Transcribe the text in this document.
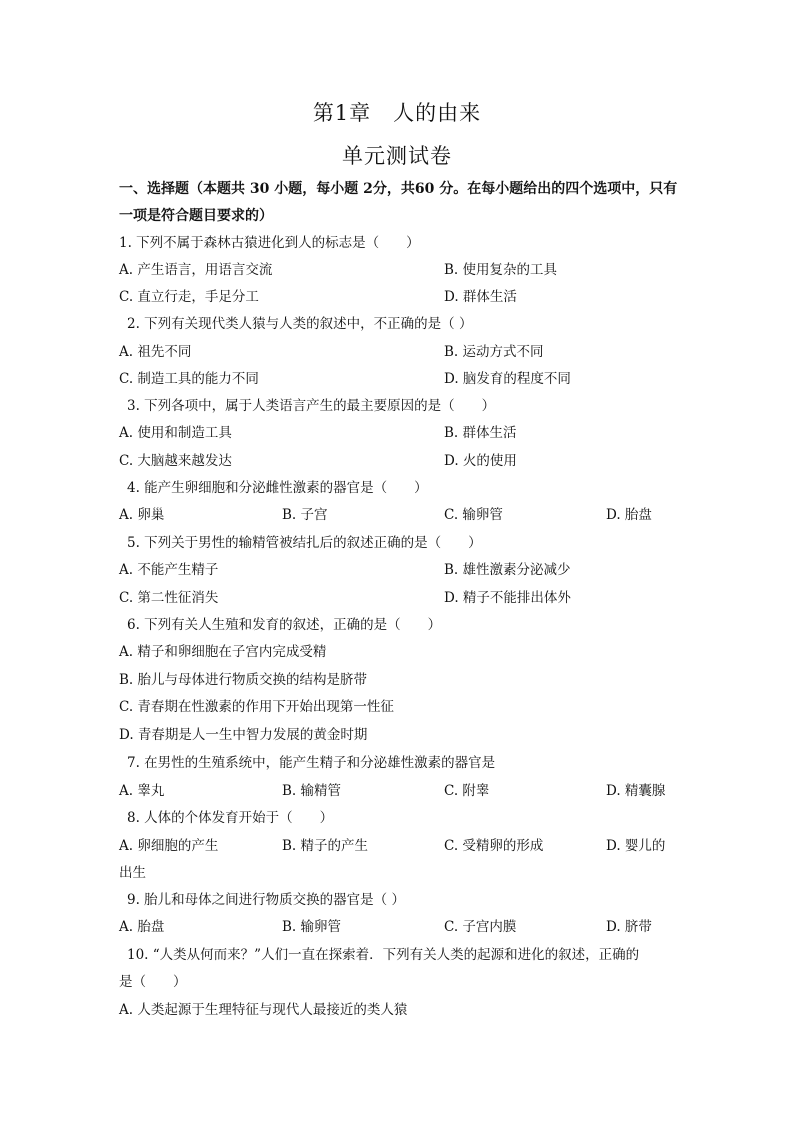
第1章　人的由来
单元测试卷
一、选择题（本题共 30 小题，每小题 2分，共60 分。在每小题给出的四个选项中，只有
一项是符合题目要求的）
1. 下列不属于森林古猿进化到人的标志是（　　）
A. 产生语言，用语言交流	B. 使用复杂的工具
C. 直立行走，手足分工	D. 群体生活
2. 下列有关现代类人猿与人类的叙述中，不正确的是（ ）
A. 祖先不同	B. 运动方式不同
C. 制造工具的能力不同	D. 脑发育的程度不同
3. 下列各项中，属于人类语言产生的最主要原因的是（　　）
A. 使用和制造工具	B. 群体生活
C. 大脑越来越发达	D. 火的使用
4. 能产生卵细胞和分泌雌性激素的器官是（　　）
A. 卵巢	B. 子宫	C. 输卵管	D. 胎盘
5. 下列关于男性的输精管被结扎后的叙述正确的是（　　）
A. 不能产生精子	B. 雄性激素分泌减少
C. 第二性征消失	D. 精子不能排出体外
6. 下列有关人生殖和发育的叙述，正确的是（　　）
A. 精子和卵细胞在子宫内完成受精
B. 胎儿与母体进行物质交换的结构是脐带
C. 青春期在性激素的作用下开始出现第一性征
D. 青春期是人一生中智力发展的黄金时期
7. 在男性的生殖系统中，能产生精子和分泌雄性激素的器官是
A. 睾丸	B. 输精管	C. 附睾	D. 精囊腺
8. 人体的个体发育开始于（　　）
A. 卵细胞的产生	B. 精子的产生	C. 受精卵的形成	D. 婴儿的
出生
9. 胎儿和母体之间进行物质交换的器官是（ ）
A. 胎盘	B. 输卵管	C. 子宫内膜	D. 脐带
10. “人类从何而来？”人们一直在探索着．下列有关人类的起源和进化的叙述，正确的
是（　　）
A. 人类起源于生理特征与现代人最接近的类人猿
